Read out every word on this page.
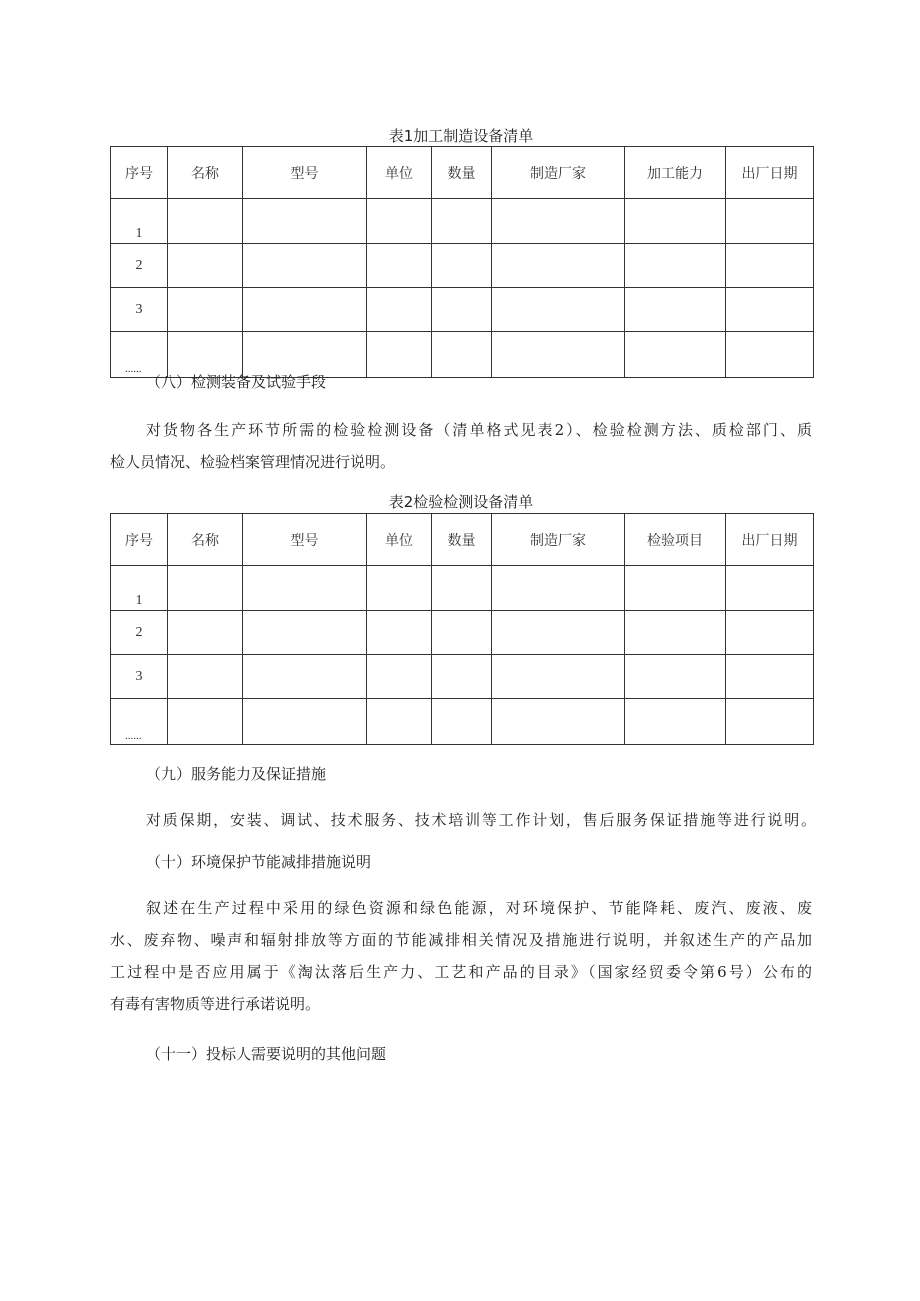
表1加工制造设备清单
序号	名称	型号	单位	数量	制造厂家	加工能力	出厂日期
1							
2							
3							
......							
（八）检测装备及试验手段
对货物各生产环节所需的检验检测设备（清单格式见表2）、检验检测方法、质检部门、质
检人员情况、检验档案管理情况进行说明。
表2检验检测设备清单
序号	名称	型号	单位	数量	制造厂家	检验项目	出厂日期
1							
2							
3							
......							
（九）服务能力及保证措施
对质保期，安装、调试、技术服务、技术培训等工作计划，售后服务保证措施等进行说明。
（十）环境保护节能减排措施说明
叙述在生产过程中采用的绿色资源和绿色能源，对环境保护、节能降耗、废汽、废液、废
水、废弃物、噪声和辐射排放等方面的节能减排相关情况及措施进行说明，并叙述生产的产品加
工过程中是否应用属于《淘汰落后生产力、工艺和产品的目录》（国家经贸委令第6号）公布的
有毒有害物质等进行承诺说明。
（十一）投标人需要说明的其他问题
